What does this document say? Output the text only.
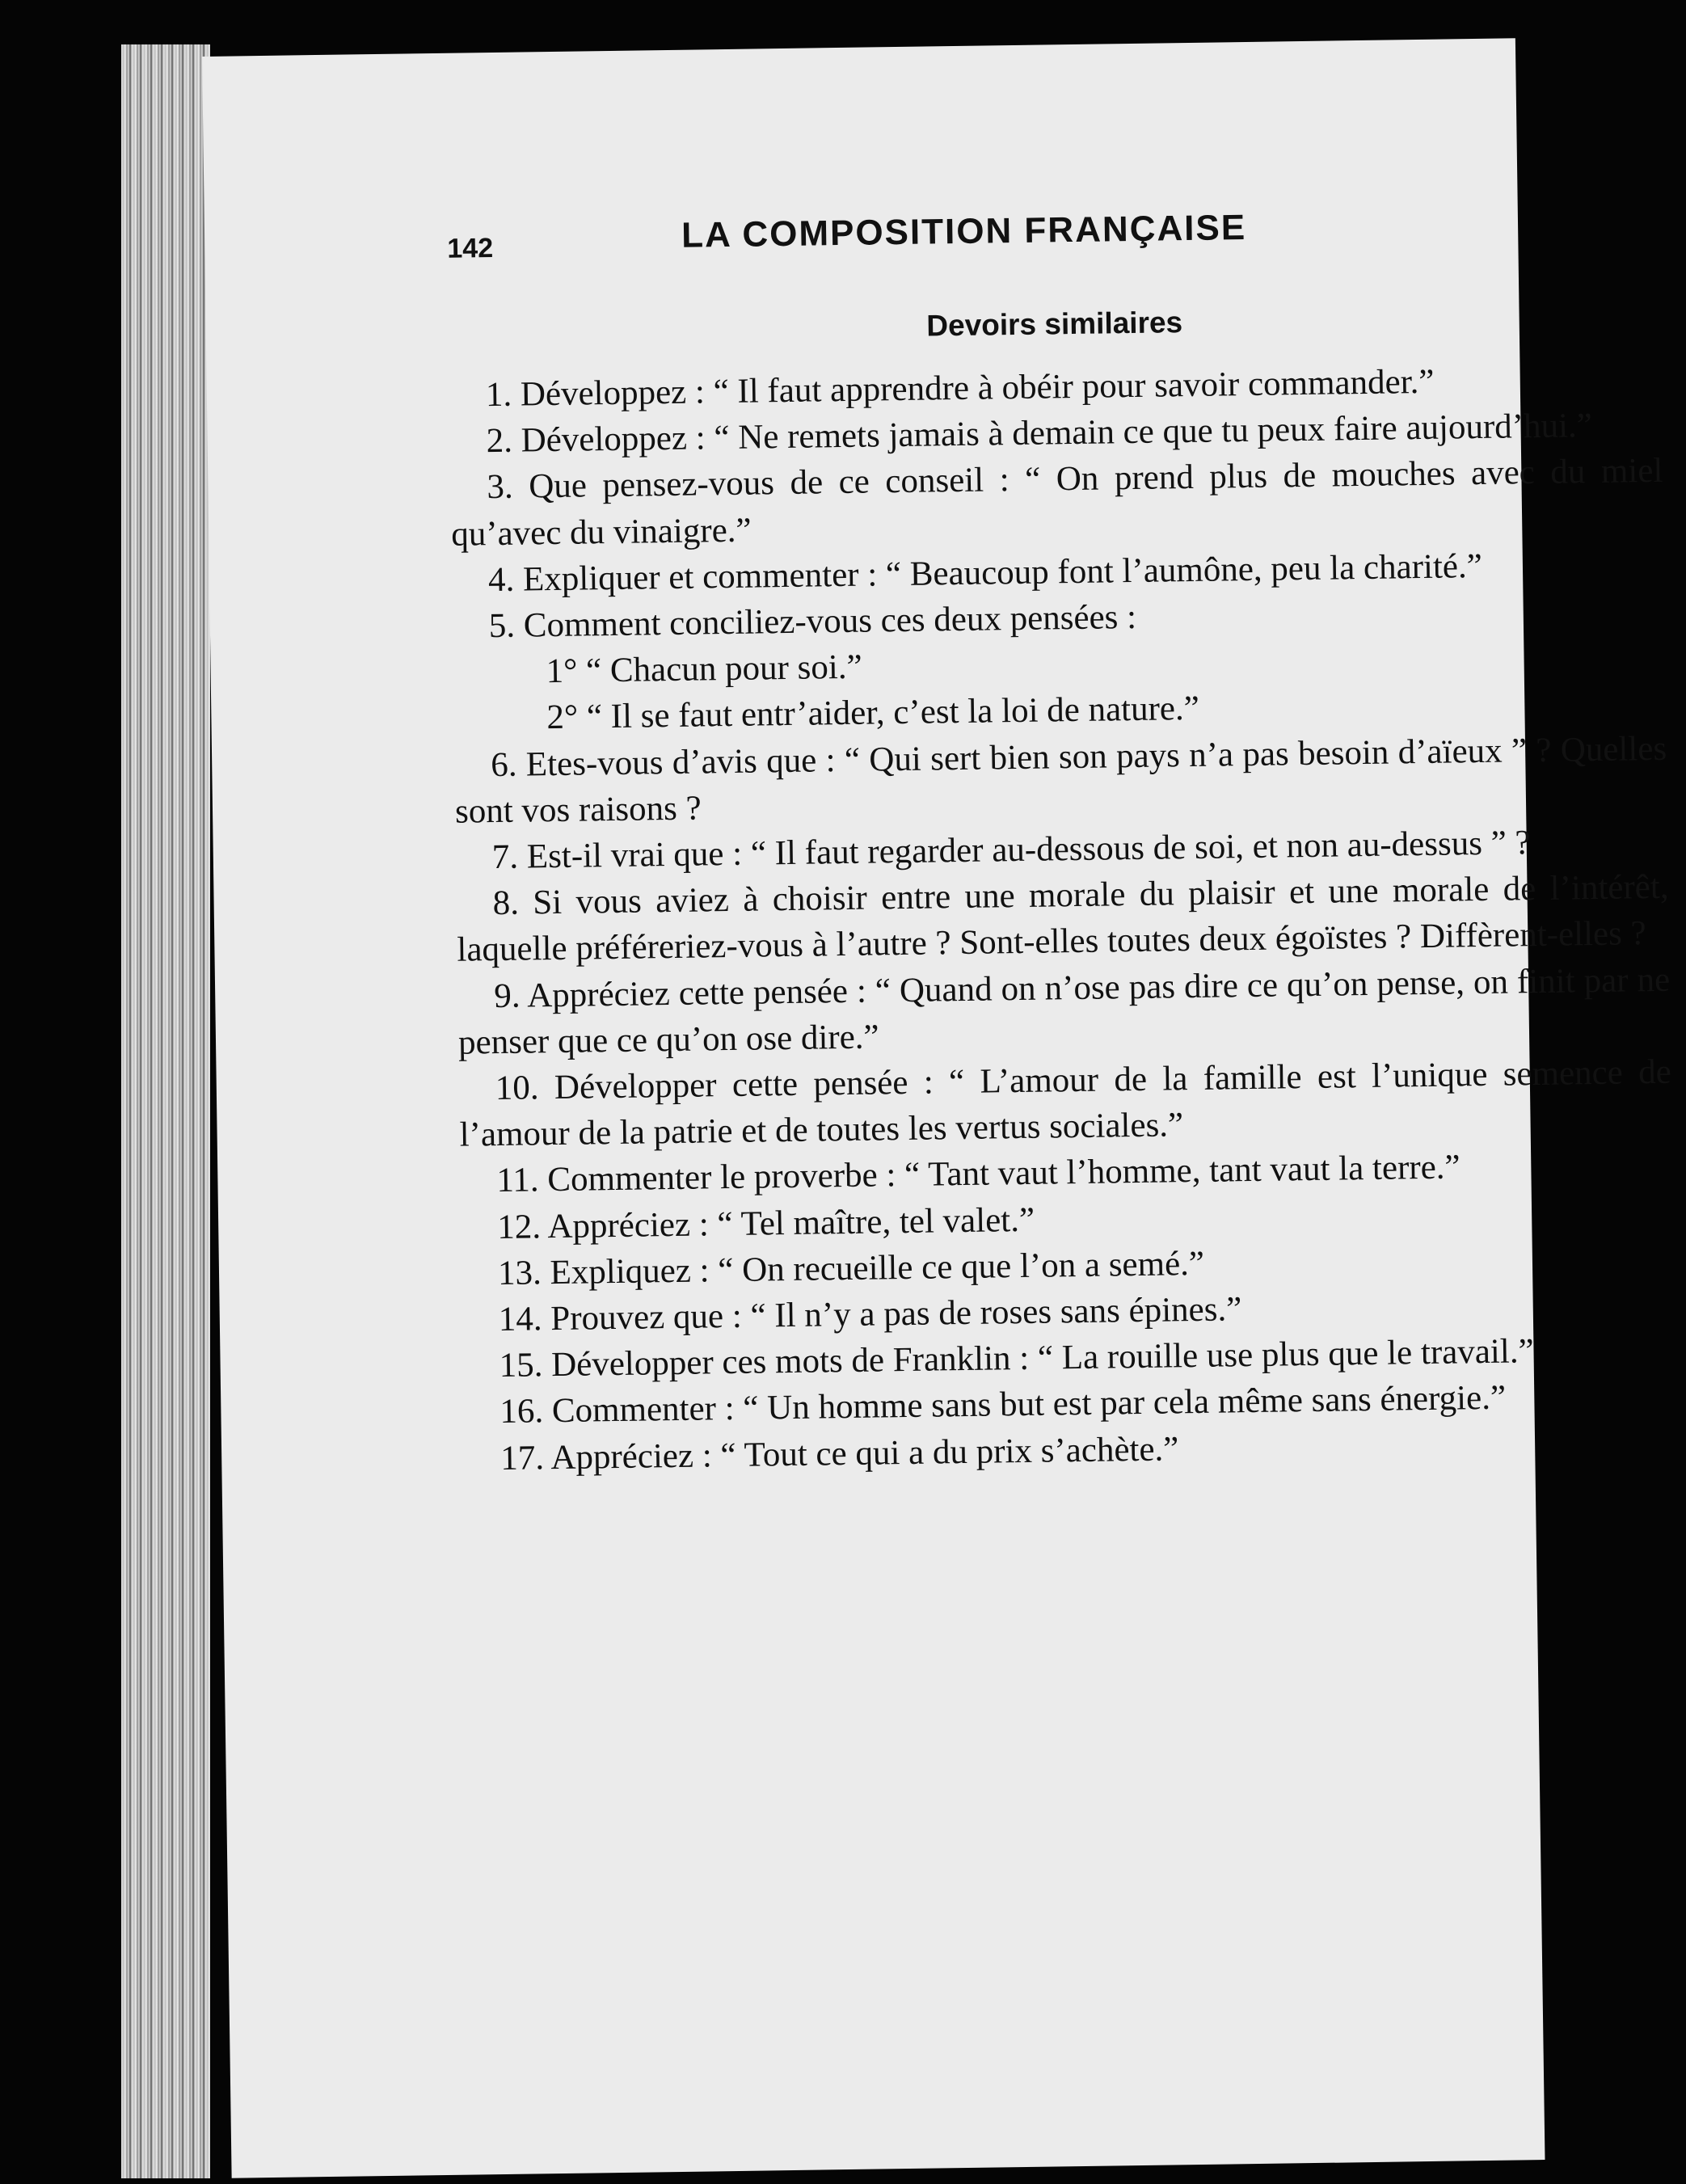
142	LA COMPOSITION FRANÇAISE
Devoirs similaires
1. Développez : “ Il faut apprendre à obéir pour savoir commander.”
2. Développez : “ Ne remets jamais à demain ce que tu peux faire aujourd’hui.”
3. Que pensez-vous de ce conseil : “ On prend plus de mouches avec du miel qu’avec du vinaigre.”
4. Expliquer et commenter : “ Beaucoup font l’aumône, peu la charité.”
5. Comment conciliez-vous ces deux pensées :
1° “ Chacun pour soi.”
2° “ Il se faut entr’aider, c’est la loi de nature.”
6. Etes-vous d’avis que : “ Qui sert bien son pays n’a pas besoin d’aïeux ” ? Quelles sont vos raisons ?
7. Est-il vrai que : “ Il faut regarder au-dessous de soi, et non au-dessus ” ?
8. Si vous aviez à choisir entre une morale du plaisir et une morale de l’intérêt, laquelle préféreriez-vous à l’autre ? Sont-elles toutes deux égoïstes ? Diffèrent-elles ?
9. Appréciez cette pensée : “ Quand on n’ose pas dire ce qu’on pense, on finit par ne penser que ce qu’on ose dire.”
10. Développer cette pensée : “ L’amour de la famille est l’unique semence de l’amour de la patrie et de toutes les vertus sociales.”
11. Commenter le proverbe : “ Tant vaut l’homme, tant vaut la terre.”
12. Appréciez : “ Tel maître, tel valet.”
13. Expliquez : “ On recueille ce que l’on a semé.”
14. Prouvez que : “ Il n’y a pas de roses sans épines.”
15. Développer ces mots de Franklin : “ La rouille use plus que le travail.”
16. Commenter : “ Un homme sans but est par cela même sans énergie.”
17. Appréciez : “ Tout ce qui a du prix s’achète.”
